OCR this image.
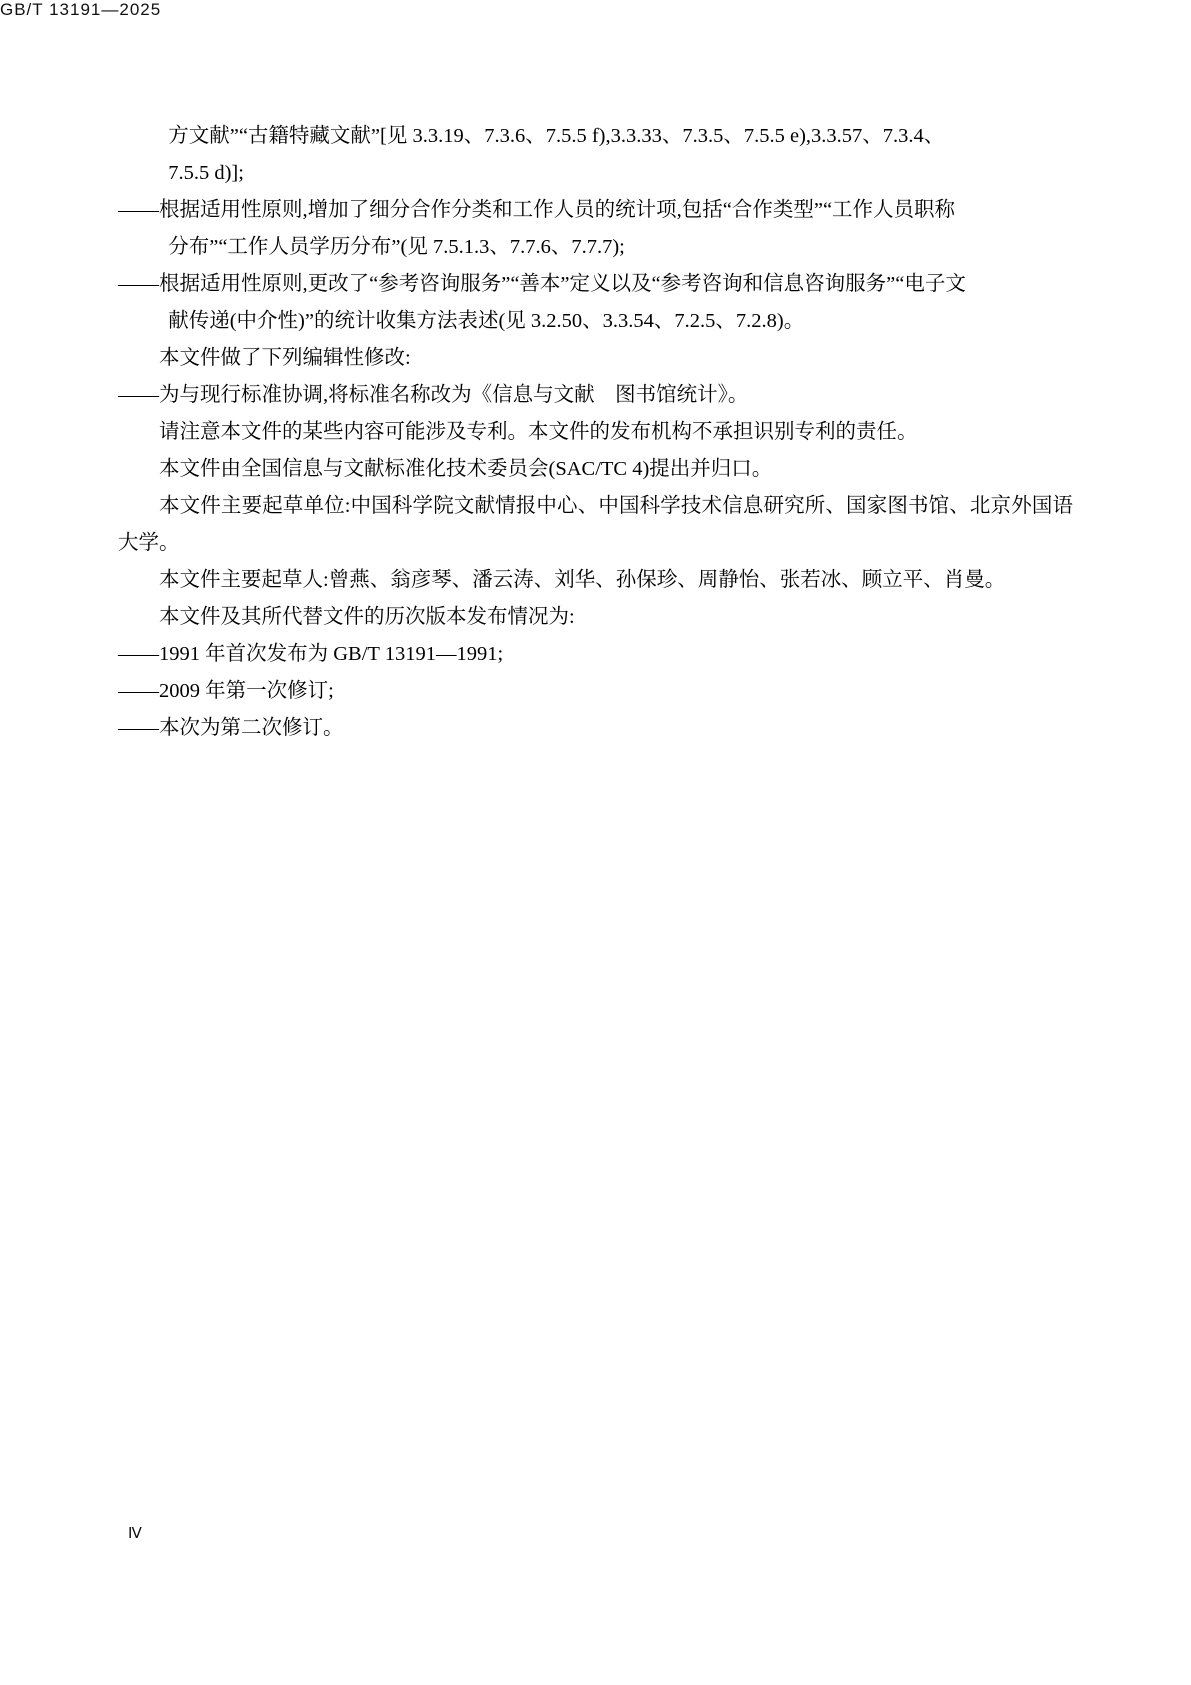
GB/T 13191—2025

方文献”“古籍特藏文献”[见 3.3.19、7.3.6、7.5.5 f),3.3.33、7.3.5、7.5.5 e),3.3.57、7.3.4、

7.5.5 d)];

——根据适用性原则,增加了细分合作分类和工作人员的统计项,包括“合作类型”“工作人员职称

分布”“工作人员学历分布”(见 7.5.1.3、7.7.6、7.7.7);

——根据适用性原则,更改了“参考咨询服务”“善本”定义以及“参考咨询和信息咨询服务”“电子文

献传递(中介性)”的统计收集方法表述(见 3.2.50、3.3.54、7.2.5、7.2.8)。

本文件做了下列编辑性修改:

——为与现行标准协调,将标准名称改为《信息与文献　图书馆统计》。

请注意本文件的某些内容可能涉及专利。本文件的发布机构不承担识别专利的责任。

本文件由全国信息与文献标准化技术委员会(SAC/TC 4)提出并归口。

本文件主要起草单位:中国科学院文献情报中心、中国科学技术信息研究所、国家图书馆、北京外国语大学。

本文件主要起草人:曾燕、翁彦琴、潘云涛、刘华、孙保珍、周静怡、张若冰、顾立平、肖曼。

本文件及其所代替文件的历次版本发布情况为:

——1991 年首次发布为 GB/T 13191—1991;

——2009 年第一次修订;

——本次为第二次修订。

Ⅳ
